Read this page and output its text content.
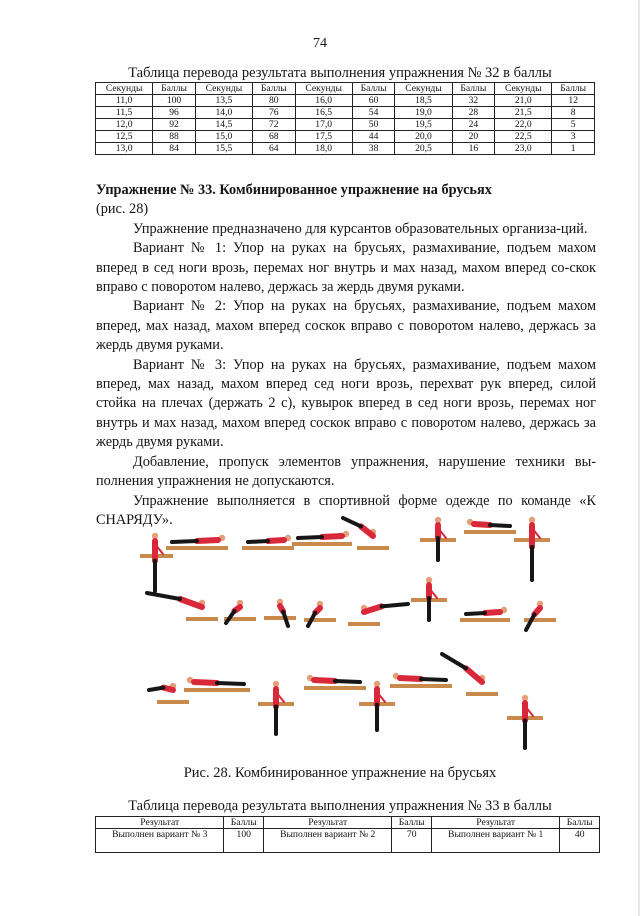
74
Таблица перевода результата выполнения упражнения № 32 в баллы
Секунды	Баллы	Секунды	Баллы	Секунды	Баллы	Секунды	Баллы	Секунды	Баллы
11,0	100	13,5	80	16,0	60	18,5	32	21,0	12
11,5	96	14,0	76	16,5	54	19,0	28	21,5	8
12,0	92	14,5	72	17,0	50	19,5	24	22,0	5
12,5	88	15,0	68	17,5	44	20,0	20	22,5	3
13,0	84	15,5	64	18,0	38	20,5	16	23,0	1

Упражнение № 33. Комбинированное упражнение на брусьях

(рис. 28)

Упражнение предназначено для курсантов образовательных организа-ций.

Вариант № 1: Упор на руках на брусьях, размахивание, подъем махом вперед в сед ноги врозь, перемах ног внутрь и мах назад, махом вперед со-скок вправо с поворотом налево, держась за жердь двумя руками.

Вариант № 2: Упор на руках на брусьях, размахивание, подъем махом вперед, мах назад, махом вперед соскок вправо с поворотом налево, держась за жердь двумя руками.

Вариант № 3: Упор на руках на брусьях, размахивание, подъем махом вперед, мах назад, махом вперед сед ноги врозь, перехват рук вперед, силой стойка на плечах (держать 2 с), кувырок вперед в сед ноги врозь, перемах ног внутрь и мах назад, махом вперед соскок вправо с поворотом налево, держась за жердь двумя руками.

Добавление, пропуск элементов упражнения, нарушение техники вы-полнения упражнения не допускаются.

Упражнение выполняется в спортивной форме одежде по команде «К СНАРЯДУ».

Рис. 28. Комбинированное упражнение на брусьях
Таблица перевода результата выполнения упражнения № 33 в баллы
Результат	Баллы	Результат	Баллы	Результат	Баллы
Выполнен вариант № 3	100	Выполнен вариант № 2	70	Выполнен вариант № 1	40
